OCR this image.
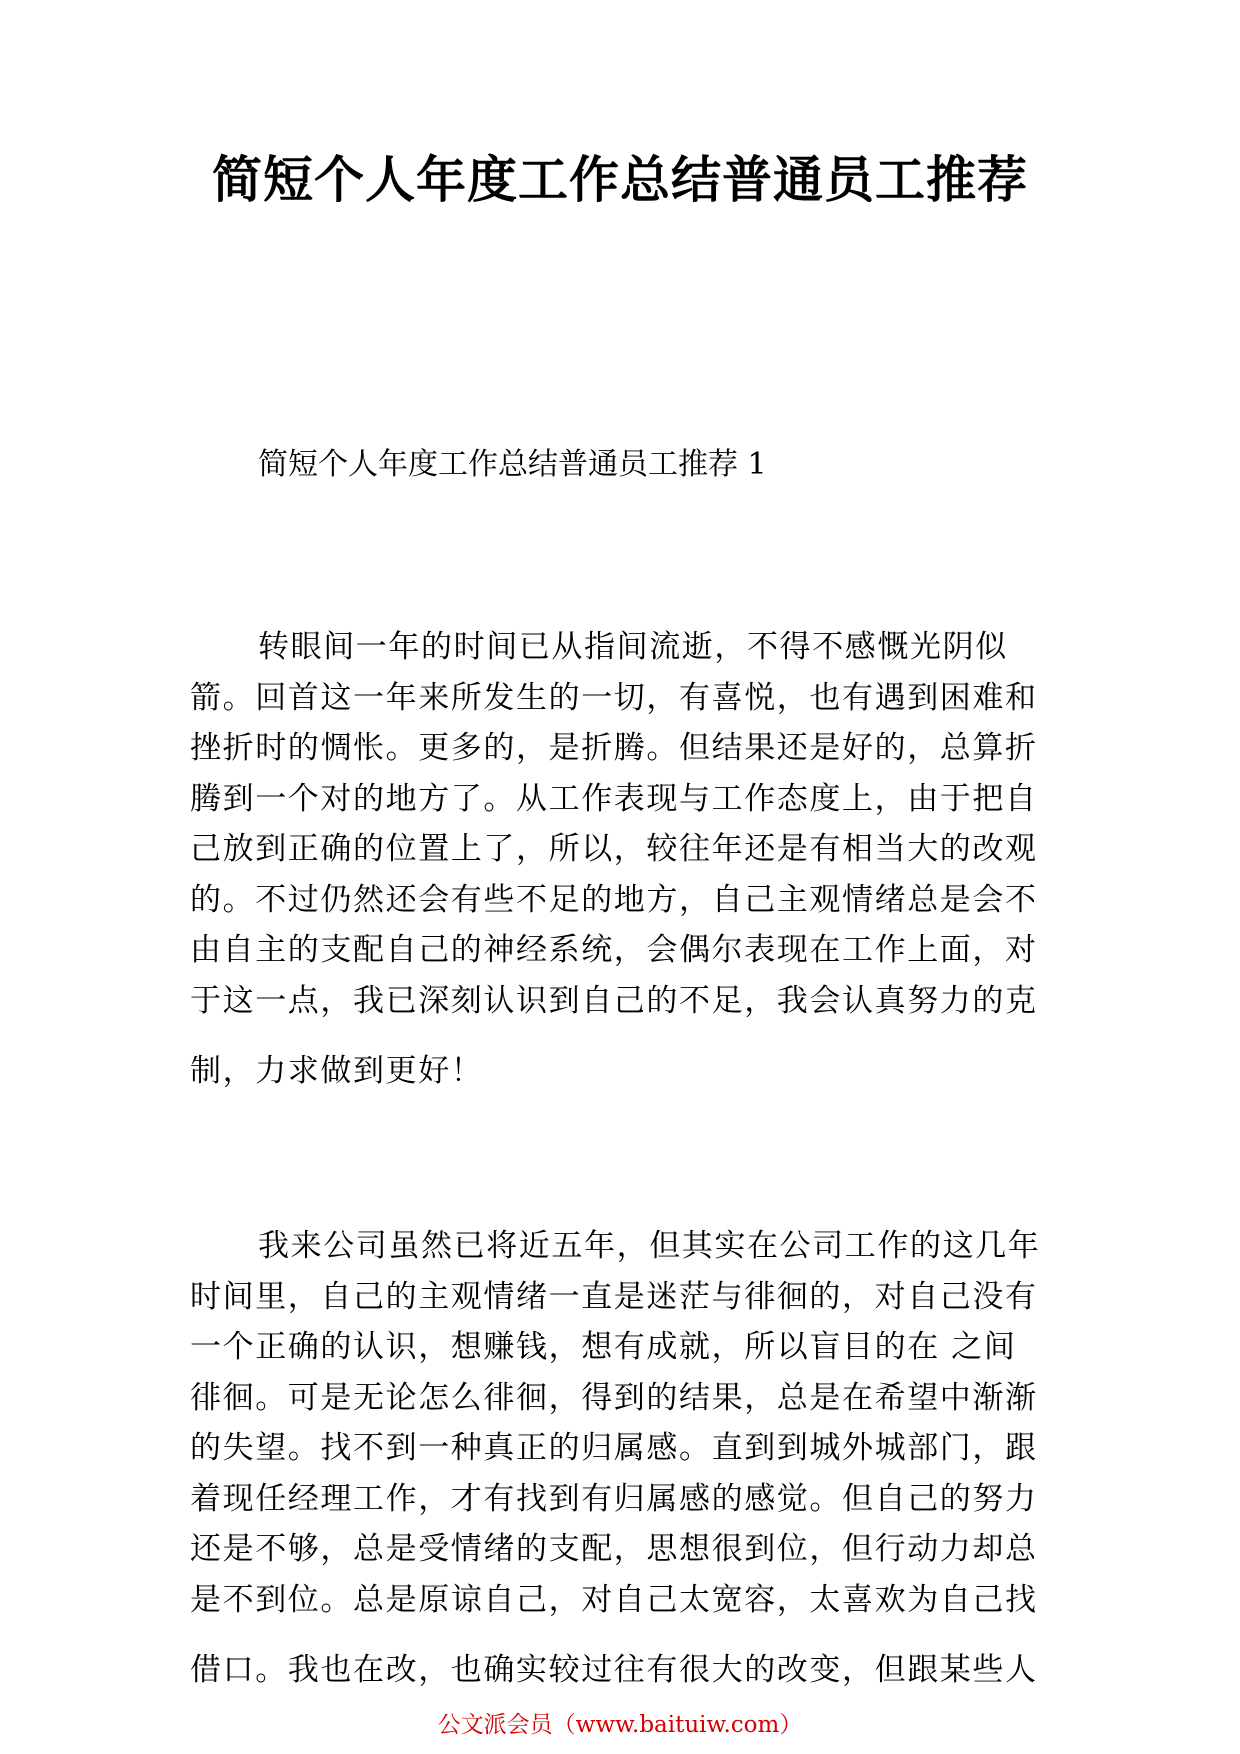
简短个人年度工作总结普通员工推荐

简短个人年度工作总结普通员工推荐 1

转眼间一年的时间已从指间流逝，不得不感慨光阴似
箭。回首这一年来所发生的一切，有喜悦，也有遇到困难和
挫折时的惆怅。更多的，是折腾。但结果还是好的，总算折
腾到一个对的地方了。从工作表现与工作态度上，由于把自
己放到正确的位置上了，所以，较往年还是有相当大的改观
的。不过仍然还会有些不足的地方，自己主观情绪总是会不
由自主的支配自己的神经系统，会偶尔表现在工作上面，对
于这一点，我已深刻认识到自己的不足，我会认真努力的克
制，力求做到更好！
我来公司虽然已将近五年，但其实在公司工作的这几年
时间里，自己的主观情绪一直是迷茫与徘徊的，对自己没有
一个正确的认识，想赚钱，想有成就，所以盲目的在 之间
徘徊。可是无论怎么徘徊，得到的结果，总是在希望中渐渐
的失望。找不到一种真正的归属感。直到到城外城部门，跟
着现任经理工作，才有找到有归属感的感觉。但自己的努力
还是不够，总是受情绪的支配，思想很到位，但行动力却总
是不到位。总是原谅自己，对自己太宽容，太喜欢为自己找
借口。我也在改，也确实较过往有很大的改变，但跟某些人

公文派会员（www.baituiw.com）
